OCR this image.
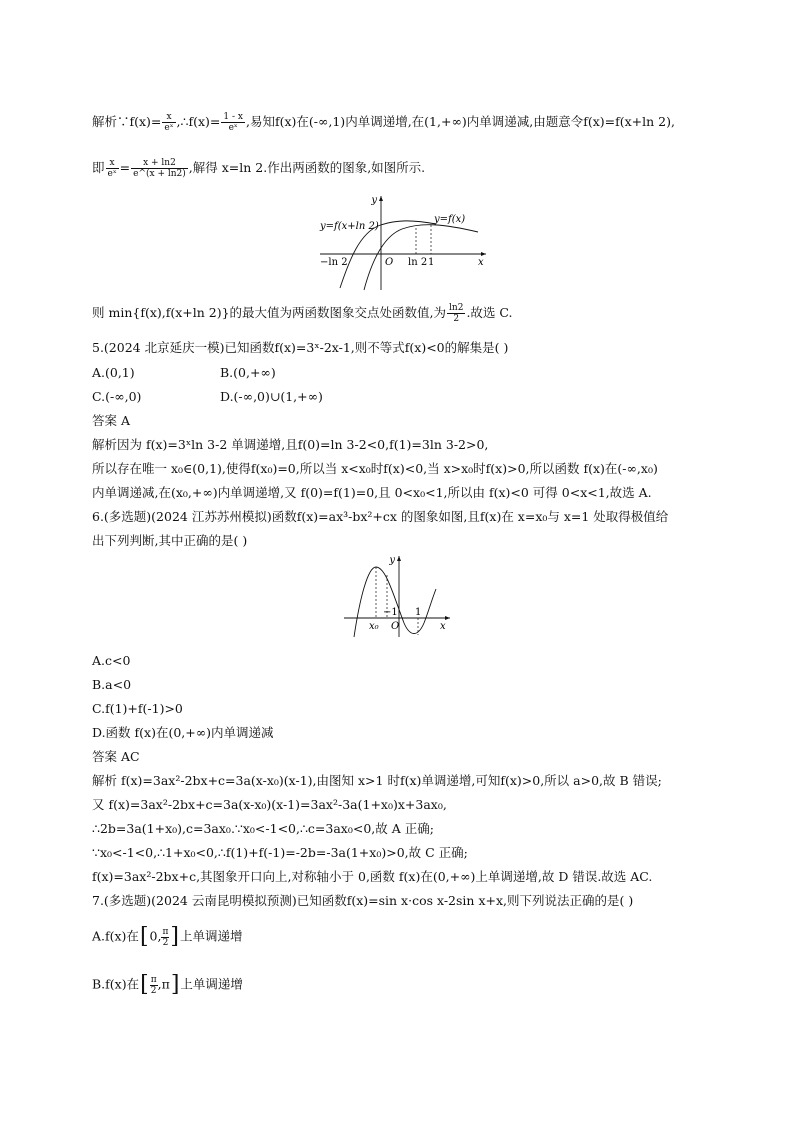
解析∵f(x)= $\frac{x}{\text{eˣ}}$ ,∴f(x)= $\frac{1 - x}{\text{eˣ}}$ ,易知f(x)在(-∞,1)内单调递增,在(1,+∞)内单调递减,由题意令f(x)=f(x+ln 2),
即 $\frac{x}{\text{eˣ}} = \frac{x + \ln 2}{e\^{}(x + \ln 2)}$ ,解得 x=ln 2.作出两函数的图象,如图所示.
y
x
O
−ln 2	ln 2 1
y=f(x+ln 2)
y=f(x)
则 min{f(x),f(x+ln 2)}的最大值为两函数图象交点处函数值,为 $\frac{\ln 2}{2}$ .故选 C.
5.(2024 北京延庆一模)已知函数f(x)=3ˣ-2x-1,则不等式f(x)<0的解集是( )
A.(0,1)	B.(0,+∞)
C.(-∞,0)	D.(-∞,0)∪(1,+∞)
答案 A
解析因为 f(x)=3ˣln 3-2 单调递增,且f(0)=ln 3-2<0,f(1)=3ln 3-2>0,
所以存在唯一 x₀∈(0,1),使得f(x₀)=0,所以当 x<x₀时f(x)<0,当 x>x₀时f(x)>0,所以函数 f(x)在(-∞,x₀)
内单调递减,在(x₀,+∞)内单调递增,又 f(0)=f(1)=0,且 0<x₀<1,所以由 f(x)<0 可得 0<x<1,故选 A.
6.(多选题)(2024 江苏苏州模拟)函数f(x)=ax³-bx²+cx 的图象如图,且f(x)在 x=x₀与 x=1 处取得极值给
出下列判断,其中正确的是( )
y
x
O
x₀
−1 1
A.c<0
B.a<0
C.f(1)+f(-1)>0
D.函数 f(x)在(0,+∞)内单调递减
答案 AC
解析 f(x)=3ax²-2bx+c=3a(x-x₀)(x-1),由图知 x>1 时f(x)单调递增,可知f(x)>0,所以 a>0,故 B 错误;
又 f(x)=3ax²-2bx+c=3a(x-x₀)(x-1)=3ax²-3a(1+x₀)x+3ax₀,
∴2b=3a(1+x₀),c=3ax₀.∵x₀<-1<0,∴c=3ax₀<0,故 A 正确;
∵x₀<-1<0,∴1+x₀<0,∴f(1)+f(-1)=-2b=-3a(1+x₀)>0,故 C 正确;
f(x)=3ax²-2bx+c,其图象开口向上,对称轴小于 0,函数 f(x)在(0,+∞)上单调递增,故 D 错误.故选 AC.
7.(多选题)(2024 云南昆明模拟预测)已知函数f(x)=sin x·cos x-2sin x+x,则下列说法正确的是( )
A.f(x)在[0, $\frac{\pi}{2}$ ]上单调递增
B.f(x)在[ $\frac{\pi}{2} ,\pi$]上单调递增
